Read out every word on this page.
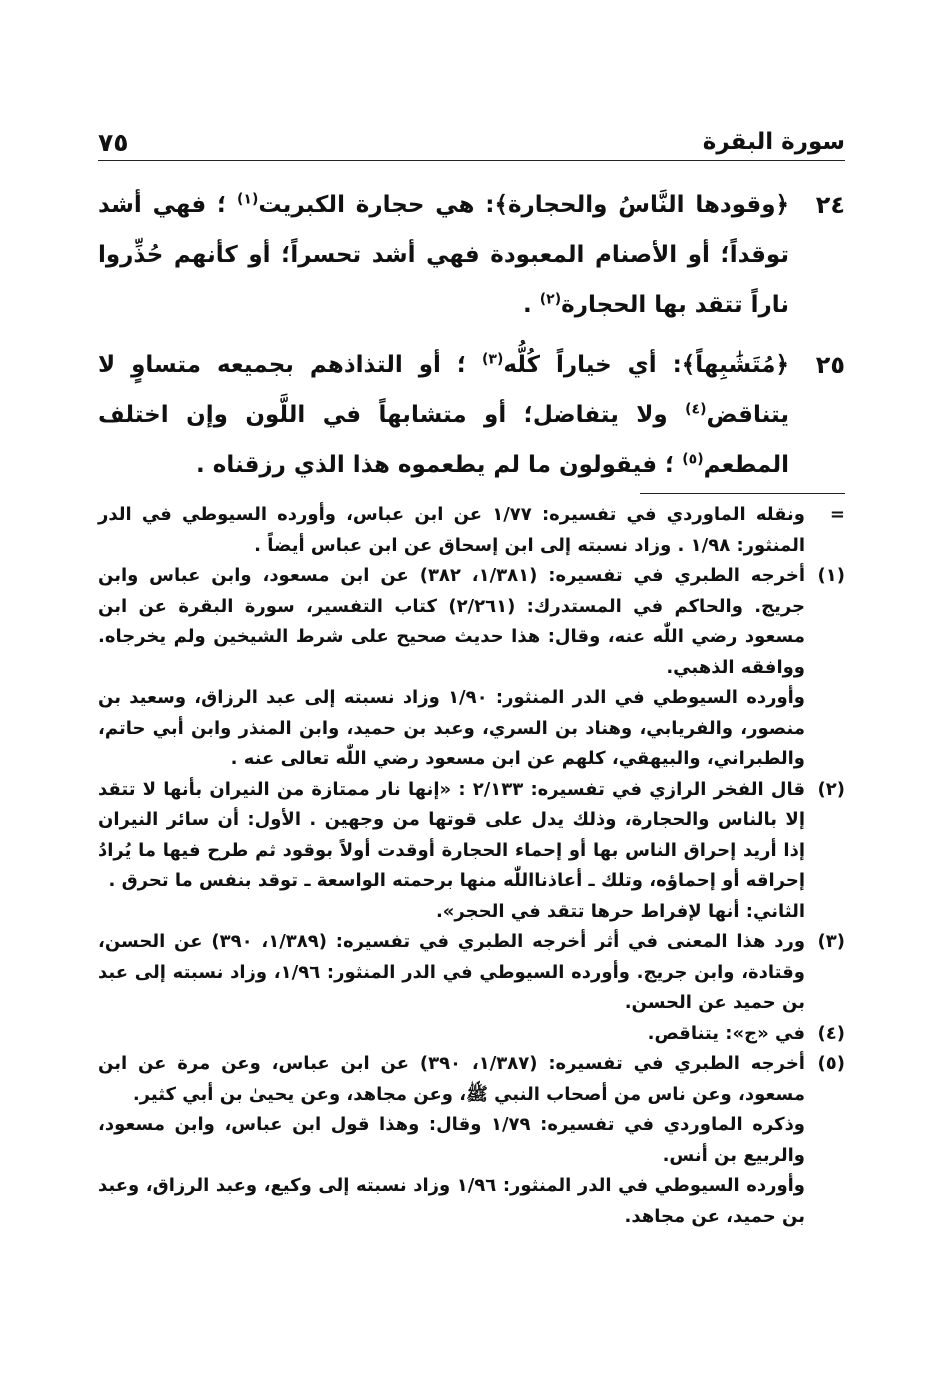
سورة البقرة
٧٥
٢٤

﴿وقودها النَّاسُ والحجارة﴾: هي حجارة الكبريت$^{(١)}$ ؛ فهي أشد توقداً؛ أو الأصنام المعبودة فهي أشد تحسراً؛ أو كأنهم حُذِّروا ناراً تتقد بها الحجارة$^{(٢)}$ .

٢٥

﴿مُتَشَٰبِهاً﴾: أي خياراً كُلُّه$^{(٣)}$ ؛ أو التذاذهم بجميعه متساوٍ لا يتناقض$^{(٤)}$ ولا يتفاضل؛ أو متشابهاً في اللَّون وإن اختلف المطعم$^{(٥)}$ ؛ فيقولون ما لم يطعموه هذا الذي رزقناه .

=

ونقله الماوردي في تفسيره: ١/٧٧ عن ابن عباس، وأورده السيوطي في الدر المنثور: ١/٩٨ . وزاد نسبته إلى ابن إسحاق عن ابن عباس أيضاً .

(١)

أخرجه الطبري في تفسيره: (١/٣٨١، ٣٨٢) عن ابن مسعود، وابن عباس وابن جريج. والحاكم في المستدرك: (٢/٢٦١) كتاب التفسير، سورة البقرة عن ابن مسعود رضي اللّٰه عنه، وقال: هذا حديث صحيح على شرط الشيخين ولم يخرجاه. ووافقه الذهبي.

وأورده السيوطي في الدر المنثور: ١/٩٠ وزاد نسبته إلى عبد الرزاق، وسعيد بن منصور، والفريابي، وهناد بن السري، وعبد بن حميد، وابن المنذر وابن أبي حاتم، والطبراني، والبيهقي، كلهم عن ابن مسعود رضي اللّٰه تعالى عنه .

(٢)

قال الفخر الرازي في تفسيره: ٢/١٣٣ : «إنها نار ممتازة من النيران بأنها لا تتقد إلا بالناس والحجارة، وذلك يدل على قوتها من وجهين . الأول: أن سائر النيران إذا أريد إحراق الناس بها أو إحماء الحجارة أوقدت أولاً بوقود ثم طرح فيها ما يُرادُ إحراقه أو إحماؤه، وتلك ـ أعاذنااللّٰه منها برحمته الواسعة ـ توقد بنفس ما تحرق .

الثاني: أنها لإفراط حرها تتقد في الحجر».

(٣)

ورد هذا المعنى في أثر أخرجه الطبري في تفسيره: (١/٣٨٩، ٣٩٠) عن الحسن، وقتادة، وابن جريج. وأورده السيوطي في الدر المنثور: ١/٩٦، وزاد نسبته إلى عبد بن حميد عن الحسن.

(٤)

في «ج»: يتناقص.

(٥)

أخرجه الطبري في تفسيره: (١/٣٨٧، ٣٩٠) عن ابن عباس، وعن مرة عن ابن مسعود، وعن ناس من أصحاب النبي ﷺ، وعن مجاهد، وعن يحيىٰ بن أبي كثير.

وذكره الماوردي في تفسيره: ١/٧٩ وقال: وهذا قول ابن عباس، وابن مسعود، والربيع بن أنس.

وأورده السيوطي في الدر المنثور: ١/٩٦ وزاد نسبته إلى وكيع، وعبد الرزاق، وعبد بن حميد، عن مجاهد.
